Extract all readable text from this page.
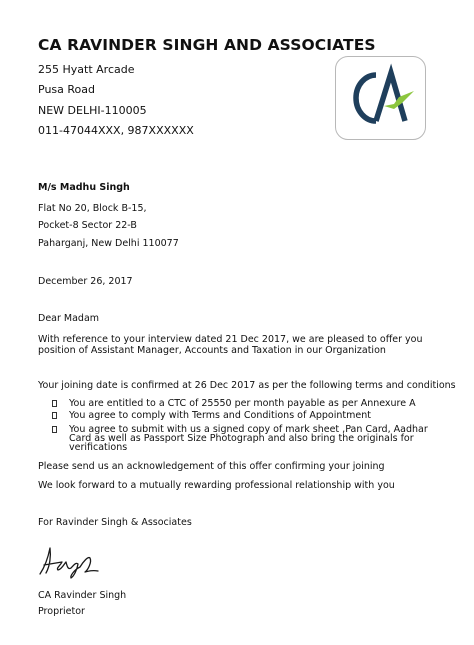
CA RAVINDER SINGH AND ASSOCIATES
255 Hyatt Arcade
Pusa Road
NEW DELHI-110005
011-47044XXX, 987XXXXXX
M/s Madhu Singh
Flat No 20, Block B-15,
Pocket-8 Sector 22-B
Paharganj, New Delhi 110077
December 26, 2017
Dear Madam
With reference to your interview dated 21 Dec 2017, we are pleased to offer you
position of Assistant Manager, Accounts and Taxation in our Organization
Your joining date is confirmed at 26 Dec 2017 as per the following terms and conditions
You are entitled to a CTC of 25550 per month payable as per Annexure A
You agree to comply with Terms and Conditions of Appointment
You agree to submit with us a signed copy of mark sheet ,Pan Card, Aadhar
Card as well as Passport Size Photograph and also bring the originals for
verifications
Please send us an acknowledgement of this offer confirming your joining
We look forward to a mutually rewarding professional relationship with you
For Ravinder Singh & Associates
CA Ravinder Singh
Proprietor
